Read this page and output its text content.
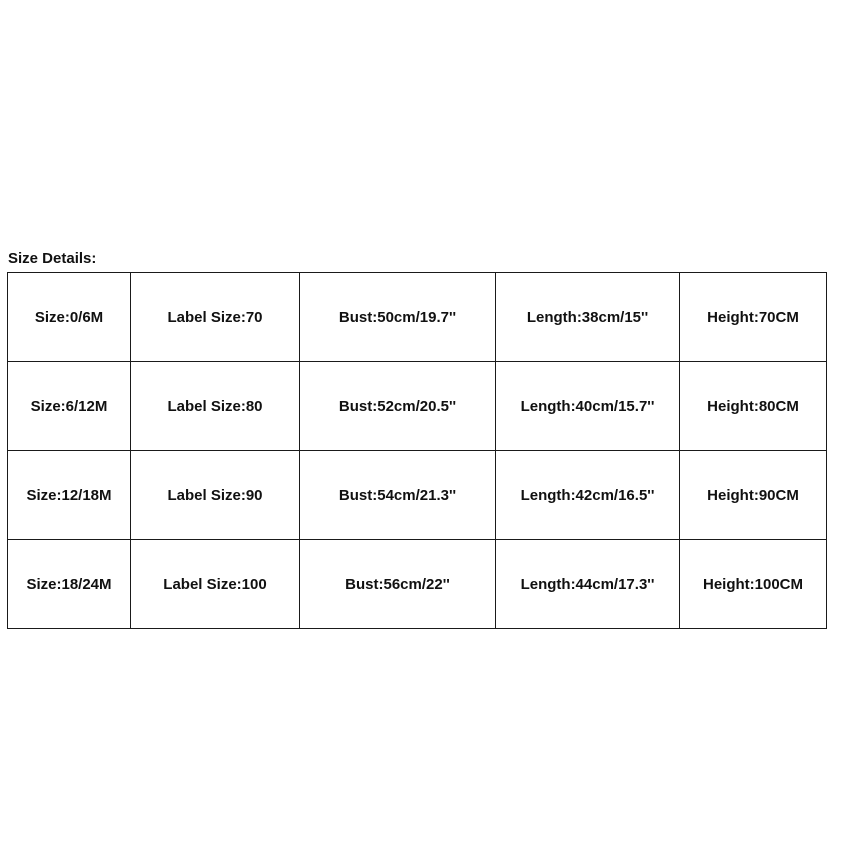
Size Details:
Size:0/6M	Label Size:70	Bust:50cm/19.7''	Length:38cm/15''	Height:70CM
Size:6/12M	Label Size:80	Bust:52cm/20.5''	Length:40cm/15.7''	Height:80CM
Size:12/18M	Label Size:90	Bust:54cm/21.3''	Length:42cm/16.5''	Height:90CM
Size:18/24M	Label Size:100	Bust:56cm/22''	Length:44cm/17.3''	Height:100CM
